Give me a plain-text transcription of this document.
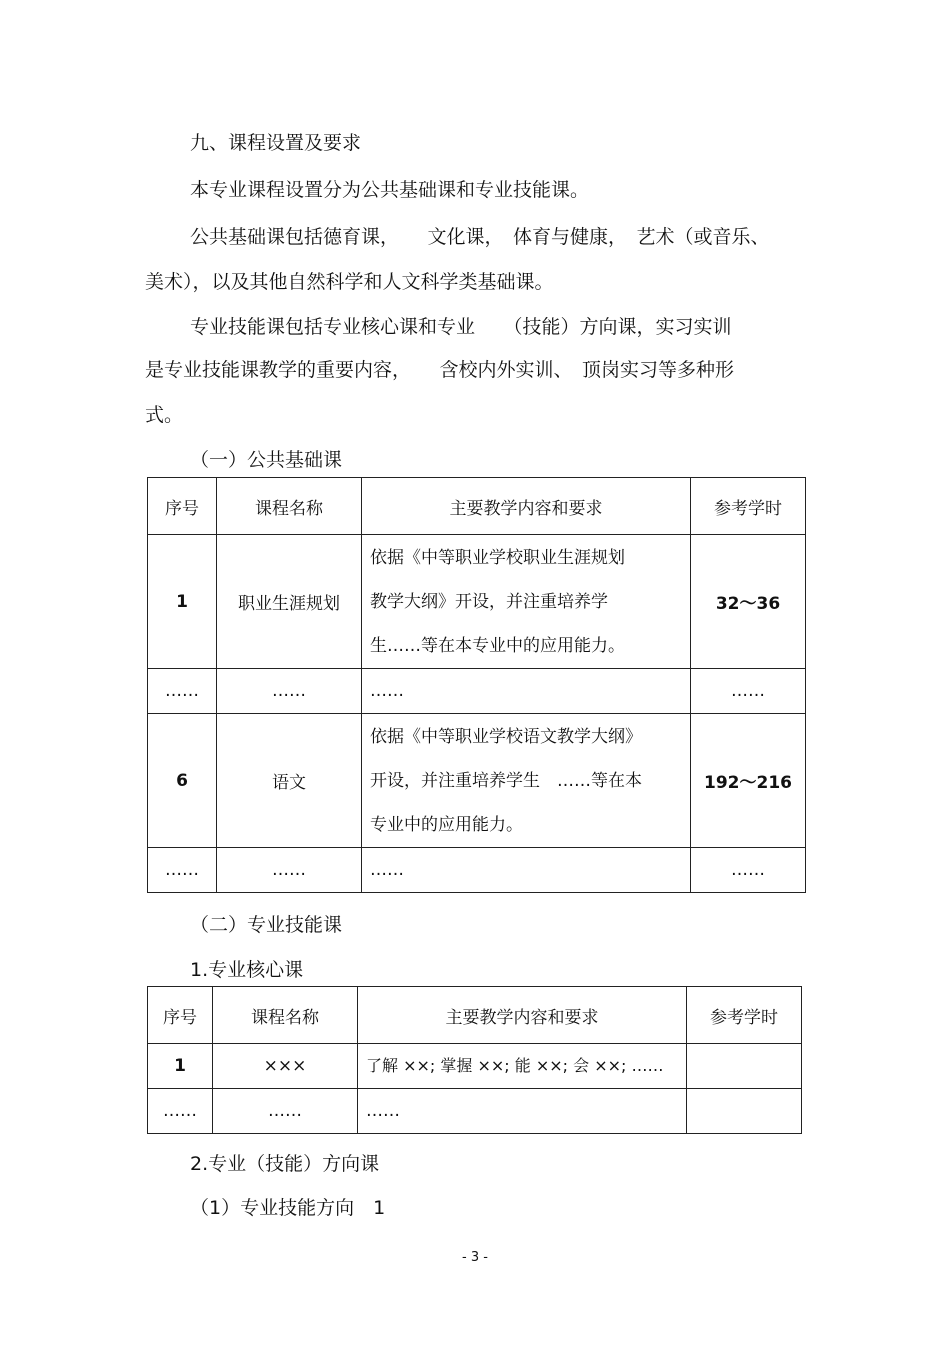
九、课程设置及要求
本专业课程设置分为公共基础课和专业技能课。
公共基础课包括德育课，　　文化课，　体育与健康，　艺术（或音乐、
美术），以及其他自然科学和人文科学类基础课。
专业技能课包括专业核心课和专业　　（技能）方向课，实习实训
是专业技能课教学的重要内容，　　含校内外实训、　顶岗实习等多种形
式。
（一）公共基础课
序号	课程名称	主要教学内容和要求	参考学时
1	职业生涯规划	依据《中等职业学校职业生涯规划
教学大纲》开设，并注重培养学
生……等在本专业中的应用能力。	32～36
……	……	……	……
6	语文	依据《中等职业学校语文教学大纲》
开设，并注重培养学生　……等在本
专业中的应用能力。	192～216
……	……	……	……
（二）专业技能课
1.专业核心课
序号	课程名称	主要教学内容和要求	参考学时
1	×××	了解 ××; 掌握 ××; 能 ××; 会 ××; ……	
……	……	……	
2.专业（技能）方向课
（1）专业技能方向　1
- 3 -
